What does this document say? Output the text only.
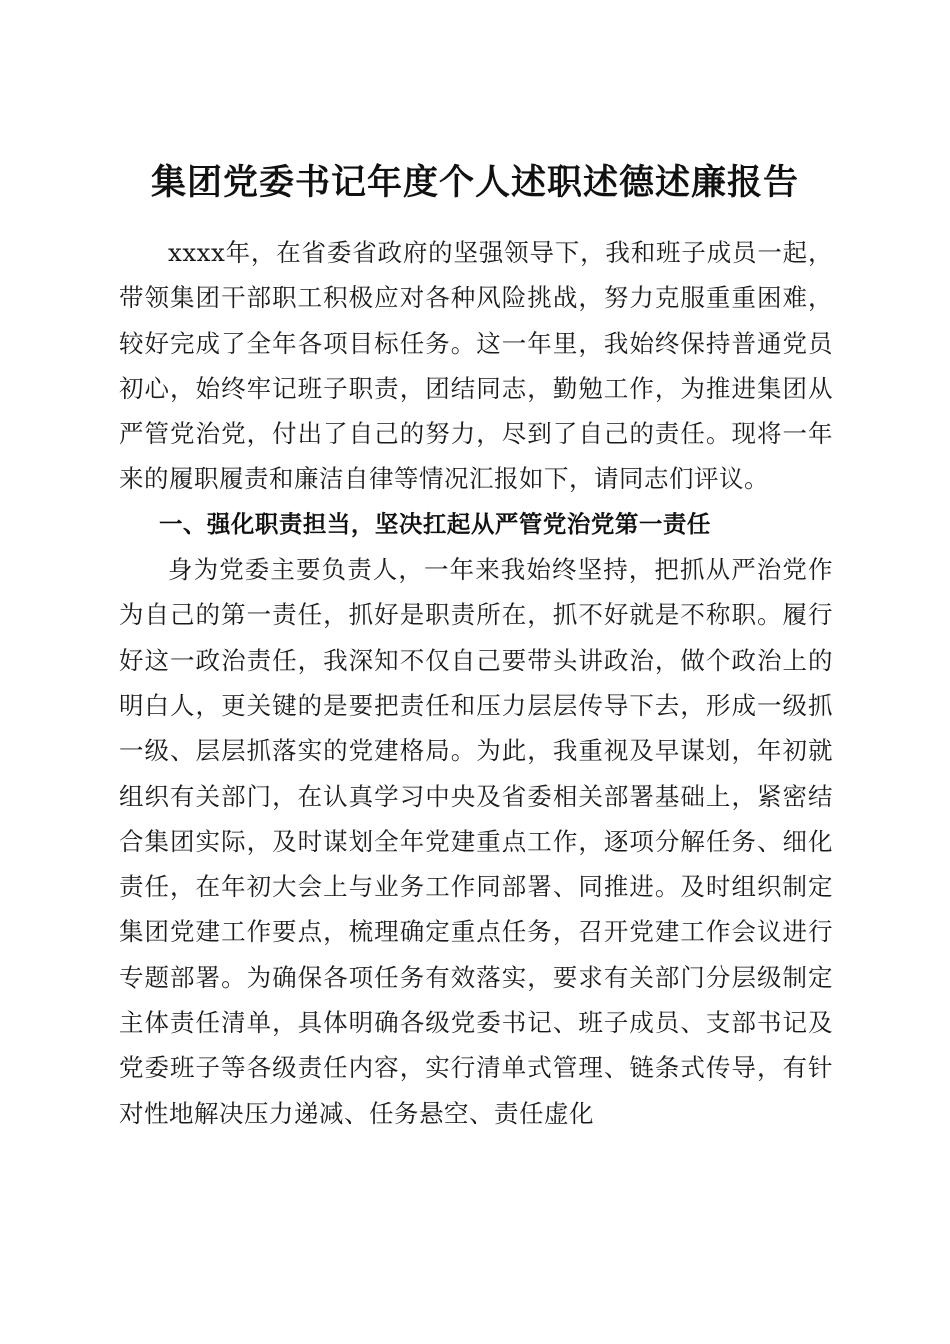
集团党委书记年度个人述职述德述廉报告

xxxx年，在省委省政府的坚强领导下，我和班子成员一起，带领集团干部职工积极应对各种风险挑战，努力克服重重困难，较好完成了全年各项目标任务。这一年里，我始终保持普通党员初心，始终牢记班子职责，团结同志，勤勉工作，为推进集团从严管党治党，付出了自己的努力，尽到了自己的责任。现将一年来的履职履责和廉洁自律等情况汇报如下，请同志们评议。

一、强化职责担当，坚决扛起从严管党治党第一责任

身为党委主要负责人，一年来我始终坚持，把抓从严治党作为自己的第一责任，抓好是职责所在，抓不好就是不称职。履行好这一政治责任，我深知不仅自己要带头讲政治，做个政治上的明白人，更关键的是要把责任和压力层层传导下去，形成一级抓一级、层层抓落实的党建格局。为此，我重视及早谋划，年初就组织有关部门，在认真学习中央及省委相关部署基础上，紧密结合集团实际，及时谋划全年党建重点工作，逐项分解任务、细化责任，在年初大会上与业务工作同部署、同推进。及时组织制定集团党建工作要点，梳理确定重点任务，召开党建工作会议进行专题部署。为确保各项任务有效落实，要求有关部门分层级制定主体责任清单，具体明确各级党委书记、班子成员、支部书记及党委班子等各级责任内容，实行清单式管理、链条式传导，有针对性地解决压力递减、任务悬空、责任虚化
